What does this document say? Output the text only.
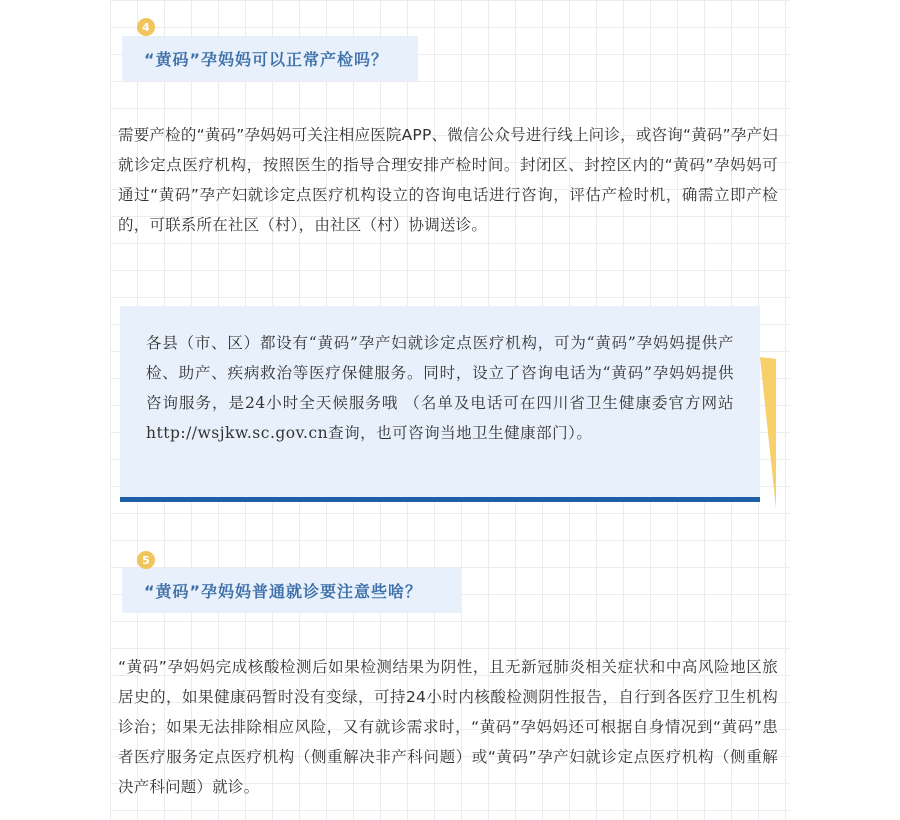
“黄码”孕妈妈可以正常产检吗？
4
需要产检的“黄码”孕妈妈可关注相应医院APP、微信公众号进行线上问诊，或咨询“黄码”孕产妇就诊定点医疗机构，按照医生的指导合理安排产检时间。封闭区、封控区内的“黄码”孕妈妈可通过“黄码”孕产妇就诊定点医疗机构设立的咨询电话进行咨询，评估产检时机，确需立即产检的，可联系所在社区（村），由社区（村）协调送诊。
各县（市、区）都设有“黄码”孕产妇就诊定点医疗机构，可为“黄码”孕妈妈提供产检、助产、疾病救治等医疗保健服务。同时，设立了咨询电话为“黄码”孕妈妈提供咨询服务，是24小时全天候服务哦 （名单及电话可在四川省卫生健康委官方网站http://wsjkw.sc.gov.cn查询，也可咨询当地卫生健康部门）。
“黄码”孕妈妈普通就诊要注意些啥？
5
“黄码”孕妈妈完成核酸检测后如果检测结果为阴性，且无新冠肺炎相关症状和中高风险地区旅居史的，如果健康码暂时没有变绿，可持24小时内核酸检测阴性报告，自行到各医疗卫生机构诊治；如果无法排除相应风险，又有就诊需求时，“黄码”孕妈妈还可根据自身情况到“黄码”患者医疗服务定点医疗机构（侧重解决非产科问题）或“黄码”孕产妇就诊定点医疗机构（侧重解决产科问题）就诊。
